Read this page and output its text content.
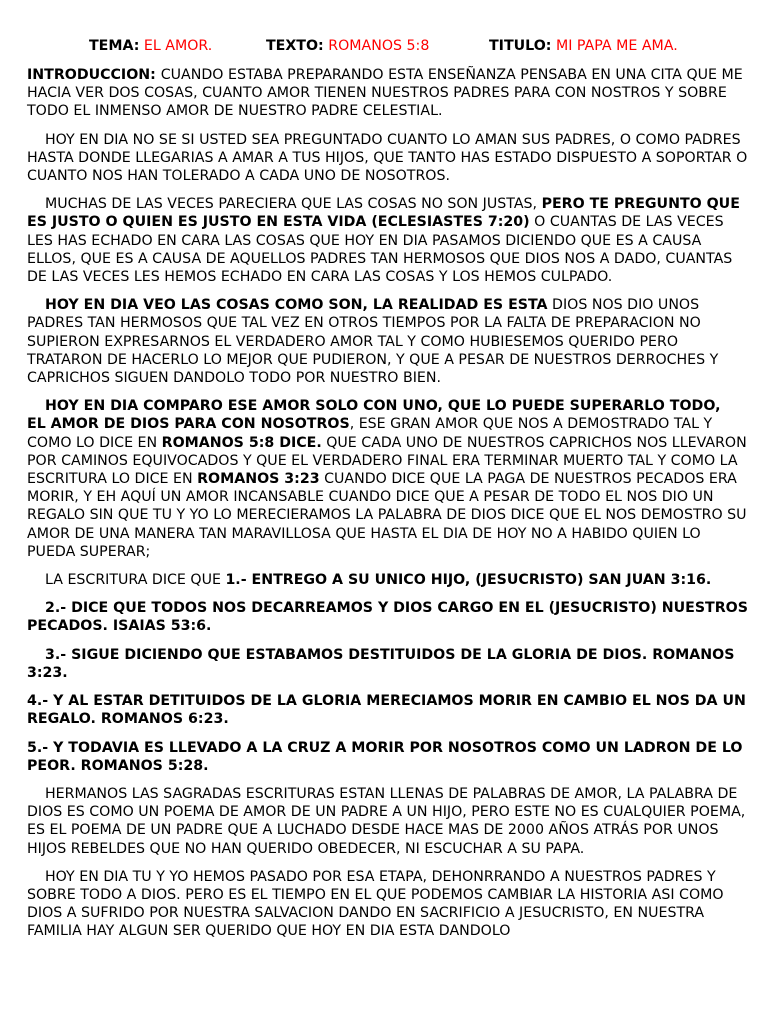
TEMA: EL AMOR.	TEXTO: ROMANOS 5:8	TITULO: MI PAPA ME AMA.

INTRODUCCION: CUANDO ESTABA PREPARANDO ESTA ENSEÑANZA PENSABA EN UNA CITA QUE ME HACIA VER DOS COSAS, CUANTO AMOR TIENEN NUESTROS PADRES PARA CON NOSTROS Y SOBRE TODO EL INMENSO AMOR DE NUESTRO PADRE CELESTIAL.

HOY EN DIA NO SE SI USTED SEA PREGUNTADO CUANTO LO AMAN SUS PADRES, O COMO PADRES HASTA DONDE LLEGARIAS A AMAR A TUS HIJOS, QUE TANTO HAS ESTADO DISPUESTO A SOPORTAR O CUANTO NOS HAN TOLERADO A CADA UNO DE NOSOTROS.

MUCHAS DE LAS VECES PARECIERA QUE LAS COSAS NO SON JUSTAS, PERO TE PREGUNTO QUE ES JUSTO O QUIEN ES JUSTO EN ESTA VIDA (ECLESIASTES 7:20) O CUANTAS DE LAS VECES LES HAS ECHADO EN CARA LAS COSAS QUE HOY EN DIA PASAMOS DICIENDO QUE ES A CAUSA ELLOS, QUE ES A CAUSA DE AQUELLOS PADRES TAN HERMOSOS QUE DIOS NOS A DADO, CUANTAS DE LAS VECES LES HEMOS ECHADO EN CARA LAS COSAS Y LOS HEMOS CULPADO.

HOY EN DIA VEO LAS COSAS COMO SON, LA REALIDAD ES ESTA DIOS NOS DIO UNOS PADRES TAN HERMOSOS QUE TAL VEZ EN OTROS TIEMPOS POR LA FALTA DE PREPARACION NO SUPIERON EXPRESARNOS EL VERDADERO AMOR TAL Y COMO HUBIESEMOS QUERIDO PERO TRATARON DE HACERLO LO MEJOR QUE PUDIERON, Y QUE A PESAR DE NUESTROS DERROCHES Y CAPRICHOS SIGUEN DANDOLO TODO POR NUESTRO BIEN.

HOY EN DIA COMPARO ESE AMOR SOLO CON UNO, QUE LO PUEDE SUPERARLO TODO,
EL AMOR DE DIOS PARA CON NOSOTROS, ESE GRAN AMOR QUE NOS A DEMOSTRADO TAL Y COMO LO DICE EN ROMANOS 5:8 DICE. QUE CADA UNO DE NUESTROS CAPRICHOS NOS LLEVARON POR CAMINOS EQUIVOCADOS Y QUE EL VERDADERO FINAL ERA TERMINAR MUERTO TAL Y COMO LA ESCRITURA LO DICE EN ROMANOS 3:23 CUANDO DICE QUE LA PAGA DE NUESTROS PECADOS ERA MORIR, Y EH AQUÍ UN AMOR INCANSABLE CUANDO DICE QUE A PESAR DE TODO EL NOS DIO UN REGALO SIN QUE TU Y YO LO MERECIERAMOS LA PALABRA DE DIOS DICE QUE EL NOS DEMOSTRO SU AMOR DE UNA MANERA TAN MARAVILLOSA QUE HASTA EL DIA DE HOY NO A HABIDO QUIEN LO PUEDA SUPERAR;

LA ESCRITURA DICE QUE 1.- ENTREGO A SU UNICO HIJO, (JESUCRISTO) SAN JUAN 3:16.

2.- DICE QUE TODOS NOS DECARREAMOS Y DIOS CARGO EN EL (JESUCRISTO) NUESTROS PECADOS. ISAIAS 53:6.

3.- SIGUE DICIENDO QUE ESTABAMOS DESTITUIDOS DE LA GLORIA DE DIOS. ROMANOS 3:23.

4.- Y AL ESTAR DETITUIDOS DE LA GLORIA MERECIAMOS MORIR EN CAMBIO EL NOS DA UN REGALO. ROMANOS 6:23.

5.- Y TODAVIA ES LLEVADO A LA CRUZ A MORIR POR NOSOTROS COMO UN LADRON DE LO PEOR. ROMANOS 5:28.

HERMANOS LAS SAGRADAS ESCRITURAS ESTAN LLENAS DE PALABRAS DE AMOR, LA PALABRA DE DIOS ES COMO UN POEMA DE AMOR DE UN PADRE A UN HIJO, PERO ESTE NO ES CUALQUIER POEMA, ES EL POEMA DE UN PADRE QUE A LUCHADO DESDE HACE MAS DE 2000 AÑOS ATRÁS POR UNOS HIJOS REBELDES QUE NO HAN QUERIDO OBEDECER, NI ESCUCHAR A SU PAPA.

HOY EN DIA TU Y YO HEMOS PASADO POR ESA ETAPA, DEHONRRANDO A NUESTROS PADRES Y SOBRE TODO A DIOS. PERO ES EL TIEMPO EN EL QUE PODEMOS CAMBIAR LA HISTORIA ASI COMO DIOS A SUFRIDO POR NUESTRA SALVACION DANDO EN SACRIFICIO A JESUCRISTO, EN NUESTRA FAMILIA HAY ALGUN SER QUERIDO QUE HOY EN DIA ESTA DANDOLO
